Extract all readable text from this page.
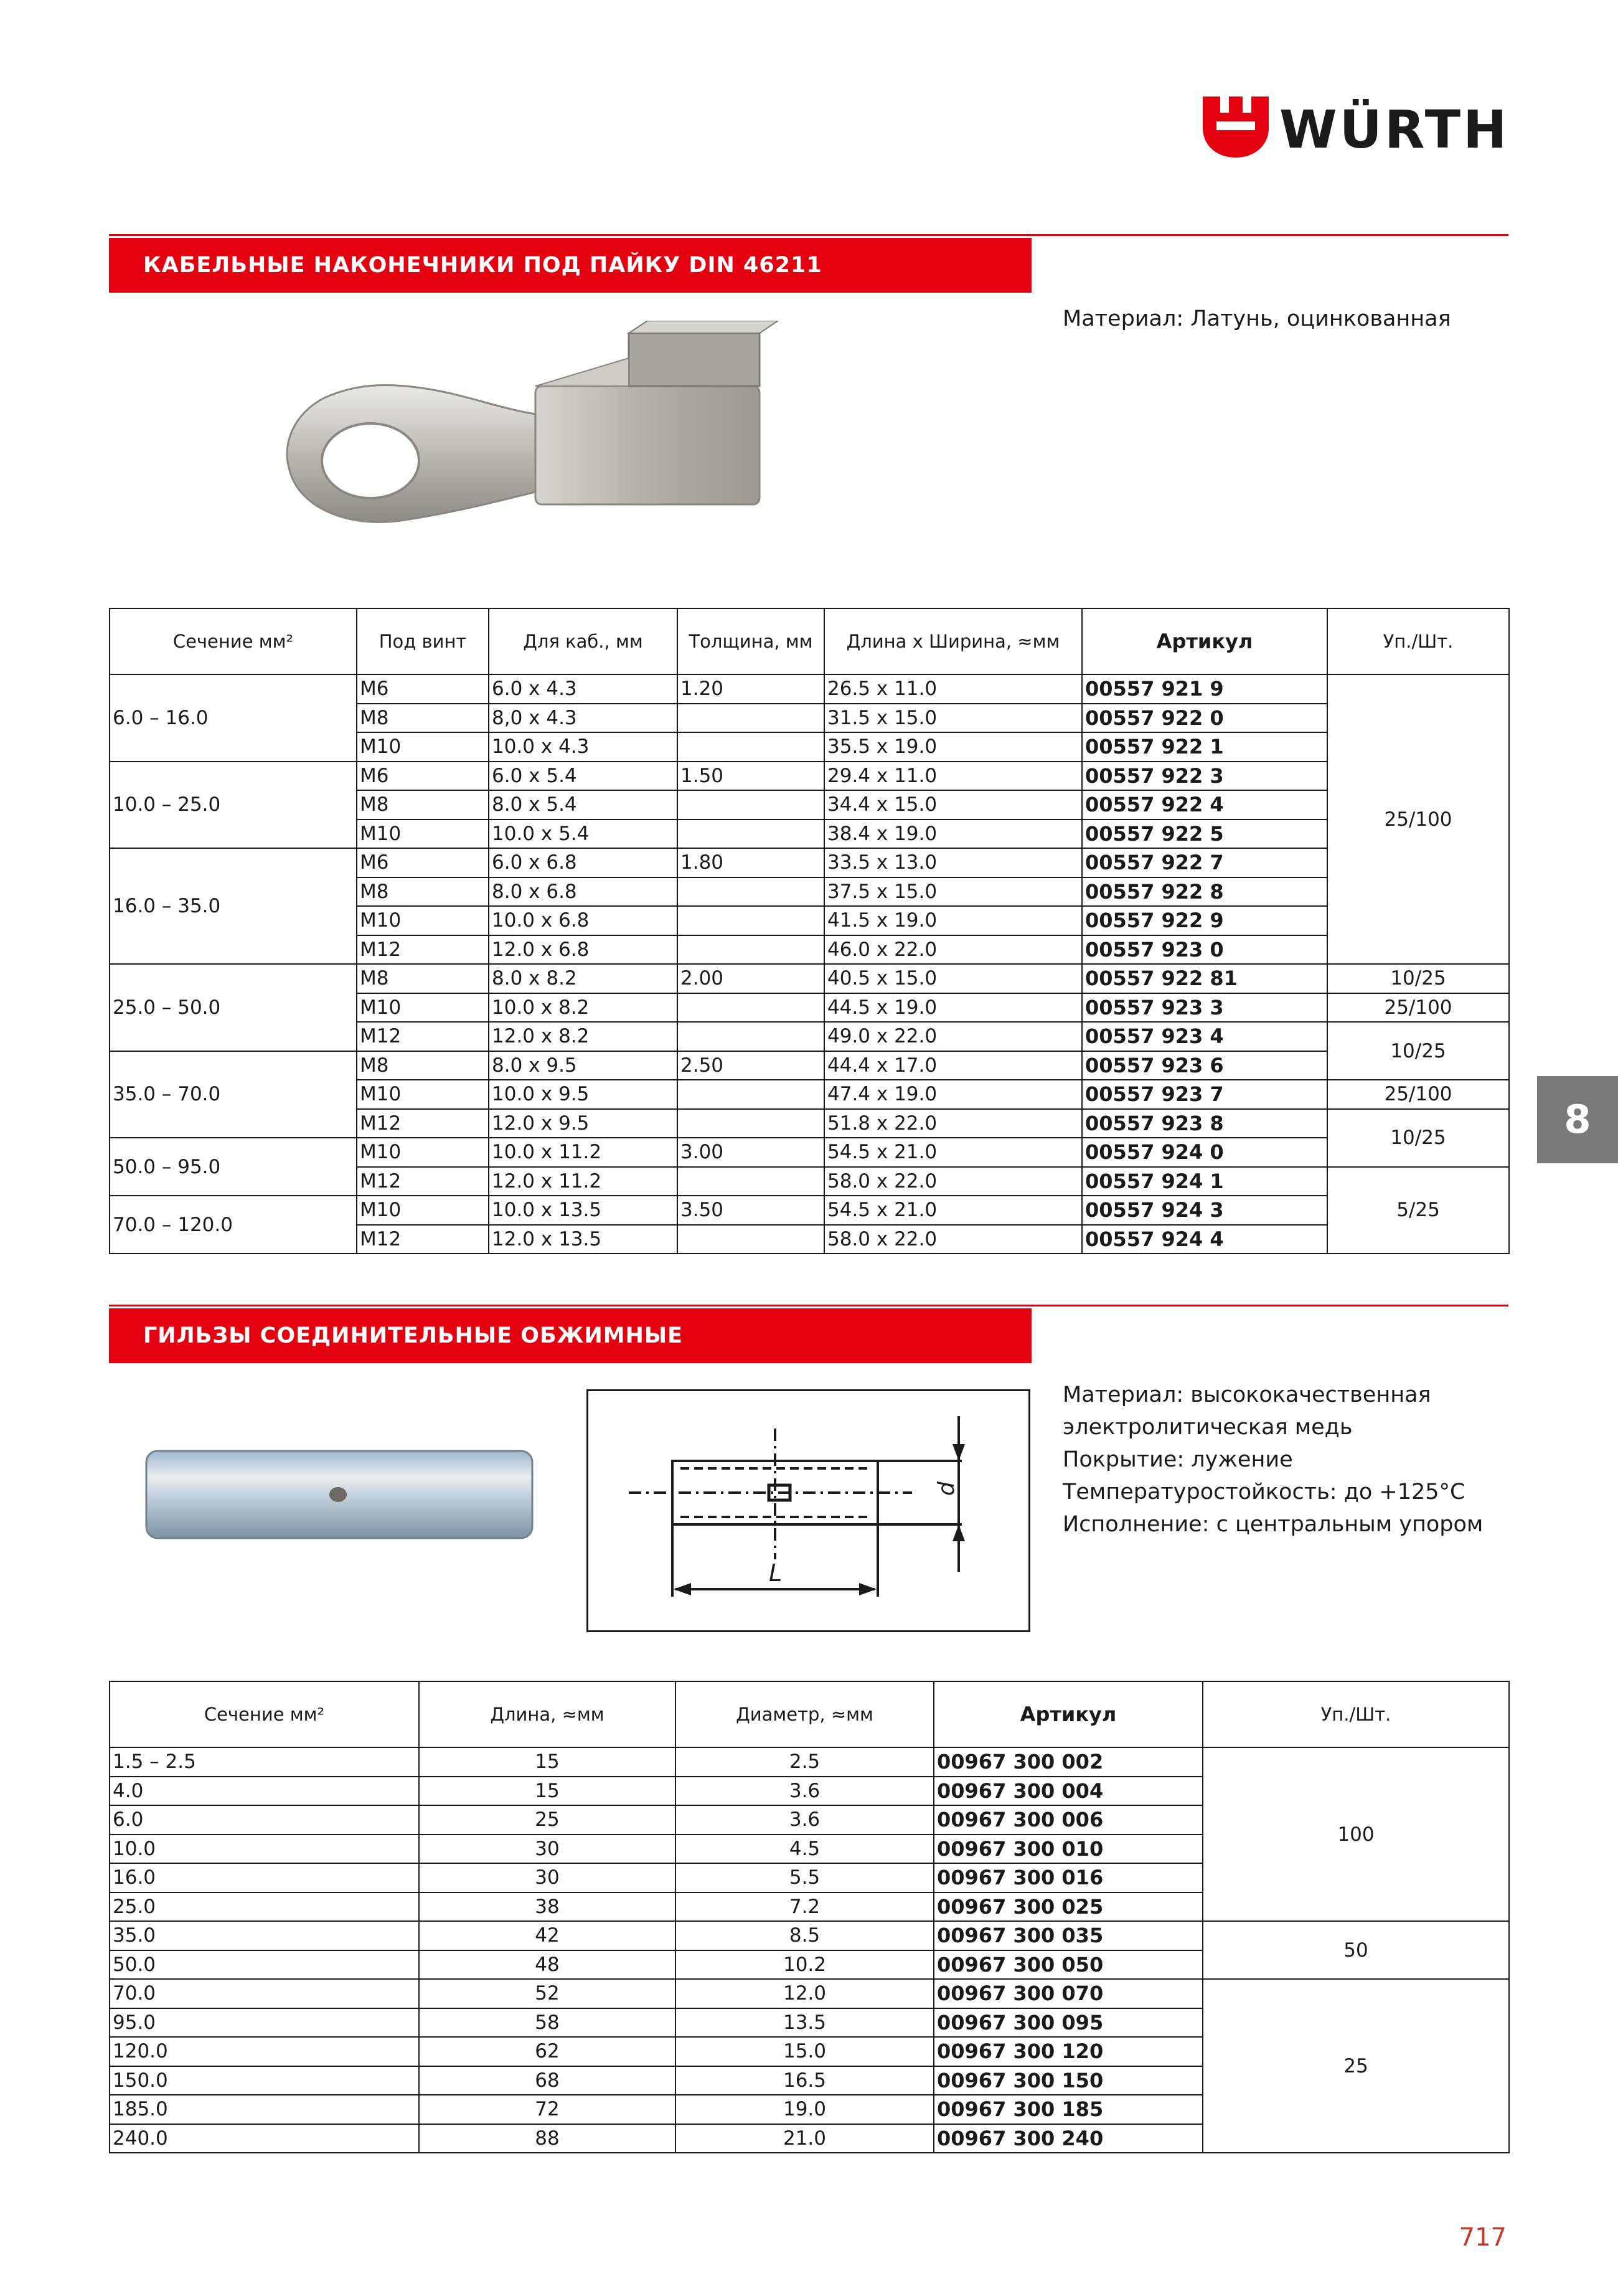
WÜRTH
КАБЕЛЬНЫЕ НАКОНЕЧНИКИ ПОД ПАЙКУ DIN 46211
Материал: Латунь, оцинкованная
Сечение мм²	Под винт	Для каб., мм	Толщина, мм	Длина x Ширина, ≈мм	Артикул	Уп./Шт.
6.0 – 16.0	M6	6.0 x 4.3	1.20	26.5 x 11.0	00557 921 9	25/100
	M8	8,0 x 4.3		31.5 x 15.0	00557 922 0	
	M10	10.0 x 4.3		35.5 x 19.0	00557 922 1	
10.0 – 25.0	M6	6.0 x 5.4	1.50	29.4 x 11.0	00557 922 3	
	M8	8.0 x 5.4		34.4 x 15.0	00557 922 4	
	M10	10.0 x 5.4		38.4 x 19.0	00557 922 5	
16.0 – 35.0	M6	6.0 x 6.8	1.80	33.5 x 13.0	00557 922 7	
	M8	8.0 x 6.8		37.5 x 15.0	00557 922 8	
	M10	10.0 x 6.8		41.5 x 19.0	00557 922 9	
	M12	12.0 x 6.8		46.0 x 22.0	00557 923 0	
25.0 – 50.0	M8	8.0 x 8.2	2.00	40.5 x 15.0	00557 922 81	10/25
	M10	10.0 x 8.2		44.5 x 19.0	00557 923 3	25/100
	M12	12.0 x 8.2		49.0 x 22.0	00557 923 4	10/25
35.0 – 70.0	M8	8.0 x 9.5	2.50	44.4 x 17.0	00557 923 6	
	M10	10.0 x 9.5		47.4 x 19.0	00557 923 7	25/100
	M12	12.0 x 9.5		51.8 x 22.0	00557 923 8	10/25
50.0 – 95.0	M10	10.0 x 11.2	3.00	54.5 x 21.0	00557 924 0	
	M12	12.0 x 11.2		58.0 x 22.0	00557 924 1	5/25
70.0 – 120.0	M10	10.0 x 13.5	3.50	54.5 x 21.0	00557 924 3	
	M12	12.0 x 13.5		58.0 x 22.0	00557 924 4	
8
ГИЛЬЗЫ СОЕДИНИТЕЛЬНЫЕ ОБЖИМНЫЕ
Материал: высококачественная
электролитическая медь
Покрытие: лужение
Температуростойкость: до +125°С
Исполнение: с центральным упором
d
L
Сечение мм²	Длина, ≈мм	Диаметр, ≈мм	Артикул	Уп./Шт.
1.5 – 2.5	15	2.5	00967 300 002	100
4.0	15	3.6	00967 300 004	
6.0	25	3.6	00967 300 006	
10.0	30	4.5	00967 300 010	
16.0	30	5.5	00967 300 016	
25.0	38	7.2	00967 300 025	
35.0	42	8.5	00967 300 035	50
50.0	48	10.2	00967 300 050	
70.0	52	12.0	00967 300 070	25
95.0	58	13.5	00967 300 095	
120.0	62	15.0	00967 300 120	
150.0	68	16.5	00967 300 150	
185.0	72	19.0	00967 300 185	
240.0	88	21.0	00967 300 240	
717
